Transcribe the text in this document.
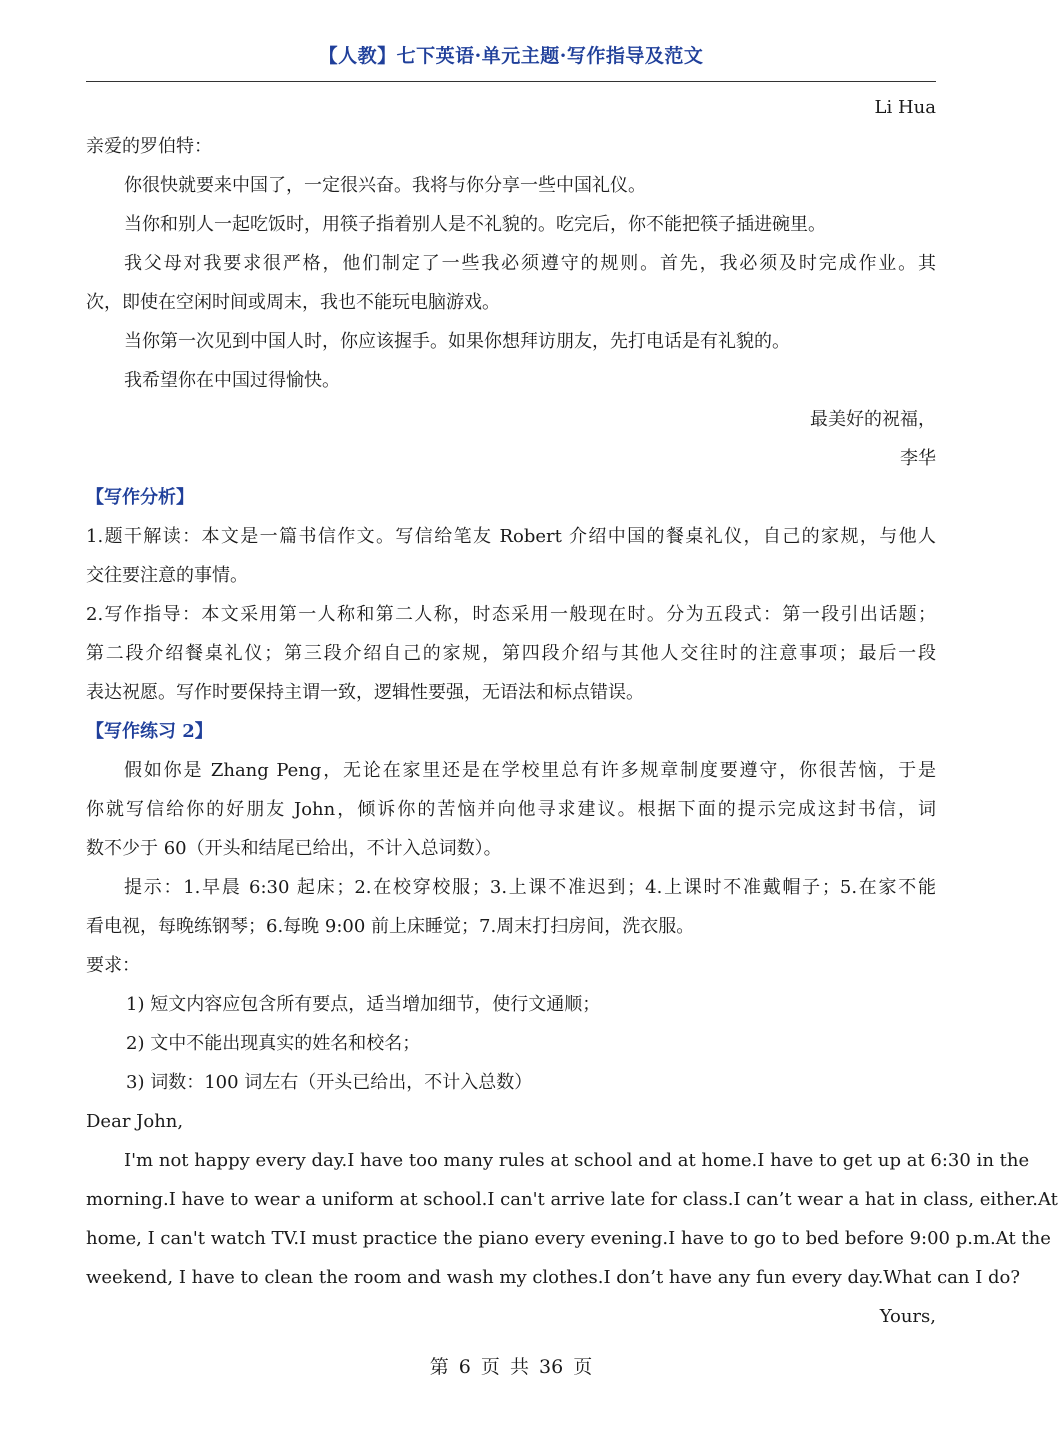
【人教】七下英语·单元主题·写作指导及范文
Li Hua
亲爱的罗伯特：
你很快就要来中国了，一定很兴奋。我将与你分享一些中国礼仪。
当你和别人一起吃饭时，用筷子指着别人是不礼貌的。吃完后，你不能把筷子插进碗里。
我父母对我要求很严格，他们制定了一些我必须遵守的规则。首先，我必须及时完成作业。其
次，即使在空闲时间或周末，我也不能玩电脑游戏。
当你第一次见到中国人时，你应该握手。如果你想拜访朋友，先打电话是有礼貌的。
我希望你在中国过得愉快。
最美好的祝福，
李华
【写作分析】
1.题干解读：本文是一篇书信作文。写信给笔友 Robert 介绍中国的餐桌礼仪，自己的家规，与他人
交往要注意的事情。
2.写作指导：本文采用第一人称和第二人称，时态采用一般现在时。分为五段式：第一段引出话题；
第二段介绍餐桌礼仪；第三段介绍自己的家规，第四段介绍与其他人交往时的注意事项；最后一段
表达祝愿。写作时要保持主谓一致，逻辑性要强，无语法和标点错误。
【写作练习 2】
假如你是 Zhang Peng，无论在家里还是在学校里总有许多规章制度要遵守，你很苦恼，于是
你就写信给你的好朋友 John，倾诉你的苦恼并向他寻求建议。根据下面的提示完成这封书信，词
数不少于 60（开头和结尾已给出，不计入总词数）。
提示：1.早晨 6:30 起床；2.在校穿校服；3.上课不准迟到；4.上课时不准戴帽子；5.在家不能
看电视，每晚练钢琴；6.每晚 9:00 前上床睡觉；7.周末打扫房间，洗衣服。
要求：
1) 短文内容应包含所有要点，适当增加细节，使行文通顺；
2) 文中不能出现真实的姓名和校名；
3) 词数：100 词左右（开头已给出，不计入总数）
Dear John,
I'm not happy every day.I have too many rules at school and at home.I have to get up at 6:30 in the
morning.I have to wear a uniform at school.I can't arrive late for class.I can’t wear a hat in class, either.At
home, I can't watch TV.I must practice the piano every evening.I have to go to bed before 9:00 p.m.At the
weekend, I have to clean the room and wash my clothes.I don’t have any fun every day.What can I do?
Yours,
第 6 页 共 36 页
